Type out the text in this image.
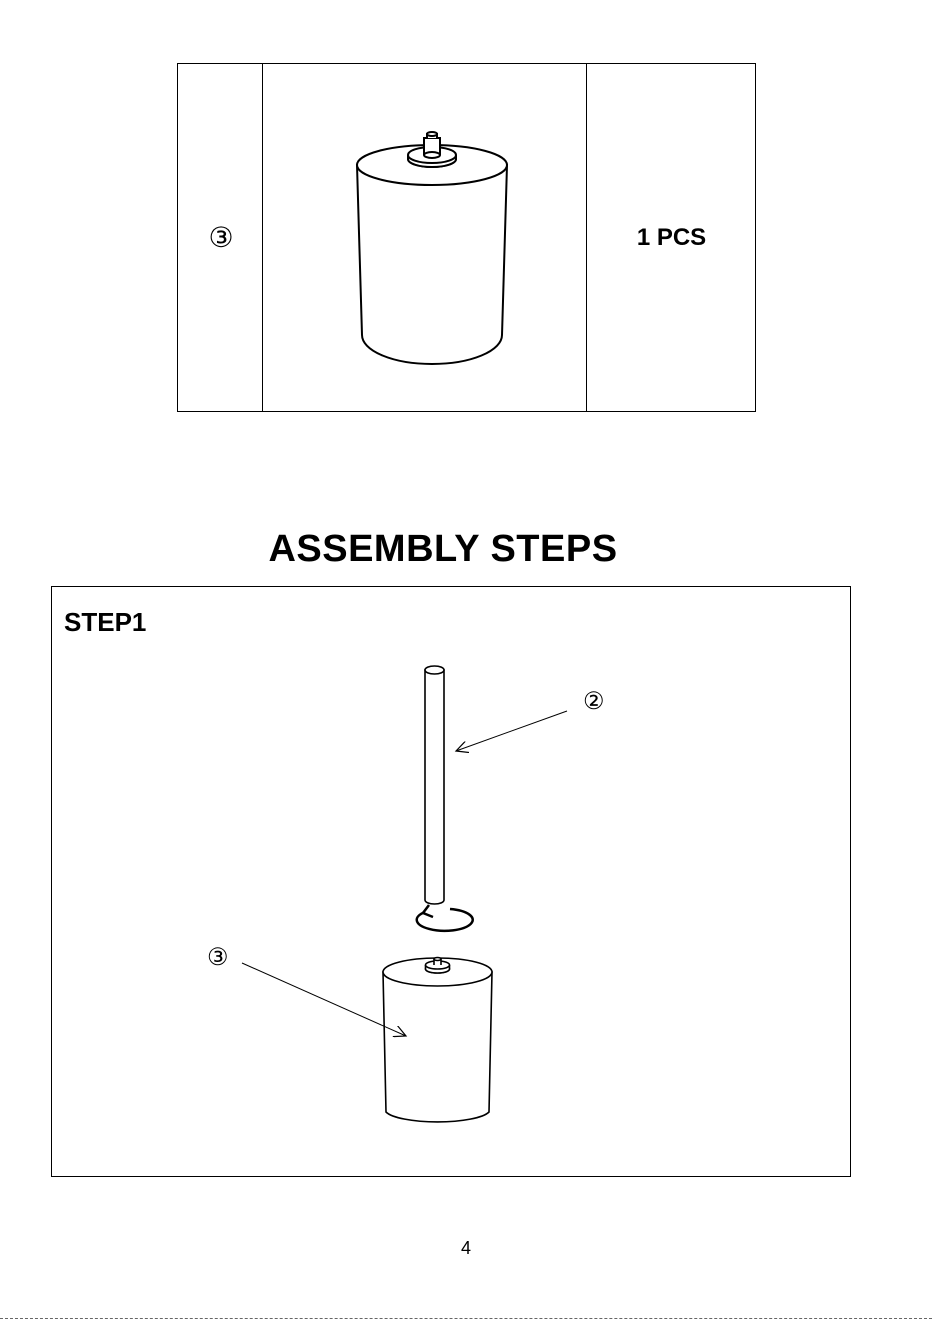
③	1 PCS
ASSEMBLY STEPS
②
③
STEP1
4
